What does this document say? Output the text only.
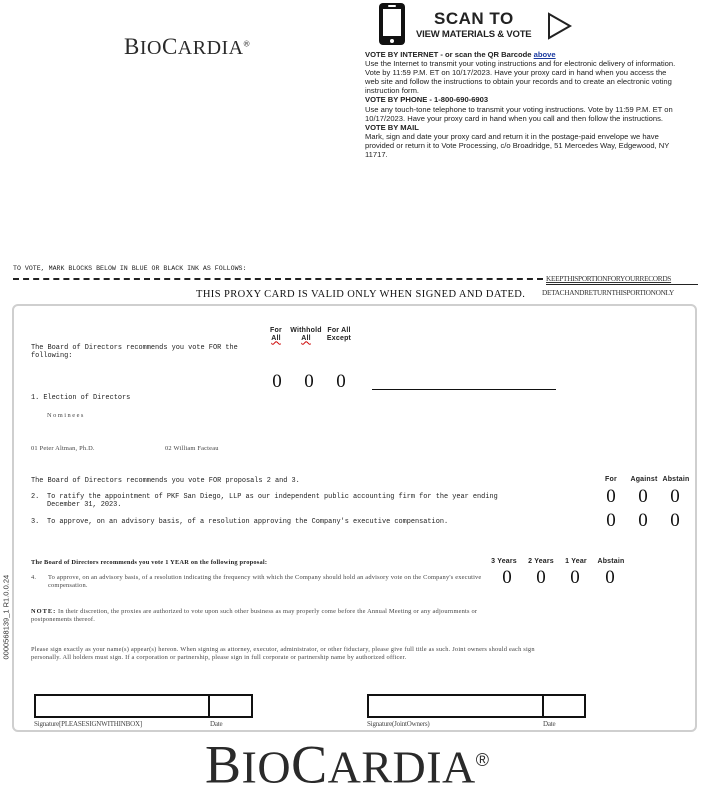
BIOCARDIA®
SCAN TO
VIEW MATERIALS & VOTE

VOTE BY INTERNET - or scan the QR Barcode above

Use the Internet to transmit your voting instructions and for electronic delivery of information. Vote by 11:59 P.M. ET on 10/17/2023. Have your proxy card in hand when you access the web site and follow the instructions to obtain your records and to create an electronic voting instruction form.

VOTE BY PHONE - 1-800-690-6903

Use any touch-tone telephone to transmit your voting instructions. Vote by 11:59 P.M. ET on 10/17/2023. Have your proxy card in hand when you call and then follow the instructions.

VOTE BY MAIL

Mark, sign and date your proxy card and return it in the postage-paid envelope we have provided or return it to Vote Processing, c/o Broadridge, 51 Mercedes Way, Edgewood, NY 11717.

TO VOTE, MARK BLOCKS BELOW IN BLUE OR BLACK INK AS FOLLOWS:
KEEPTHISPORTIONFORYOURRECORDS
THIS PROXY CARD IS VALID ONLY WHEN SIGNED AND DATED. DETACHANDRETURNTHISPORTIONONLY
0000568139_1 R1.0.0.24
The Board of Directors recommends you vote FOR the following:
For
All
Withhold
All
For All
Except
0 0 0
1. Election of Directors
Nominees
01 Peter Altman, Ph.D.	02 William Facteau
The Board of Directors recommends you vote FOR proposals 2 and 3.	For	Against Abstain
2. To ratify the appointment of PKF San Diego, LLP as our independent public accounting firm for the year ending December 31, 2023.	0 0 0
3. To approve, on an advisory basis, of a resolution approving the Company's executive compensation.	0 0 0
The Board of Directors recommends you vote 1 YEAR on the following proposal:	3 Years 2 Years	1 Year	Abstain
4. To approve, on an advisory basis, of a resolution indicating the frequency with which the Company should hold an advisory vote on the Company's executive compensation.	0 0 0 0
NOTE: In their discretion, the proxies are authorized to vote upon such other business as may properly come before the Annual Meeting or any adjournments or postponements thereof.
Please sign exactly as your name(s) appear(s) hereon. When signing as attorney, executor, administrator, or other fiduciary, please give full title as such. Joint owners should each sign personally. All holders must sign. If a corporation or partnership, please sign in full corporate or partnership name by authorized officer.
Signature[PLEASESIGNWITHINBOX]	Date	Signature(JointOwners)	Date
BIOCARDIA®
